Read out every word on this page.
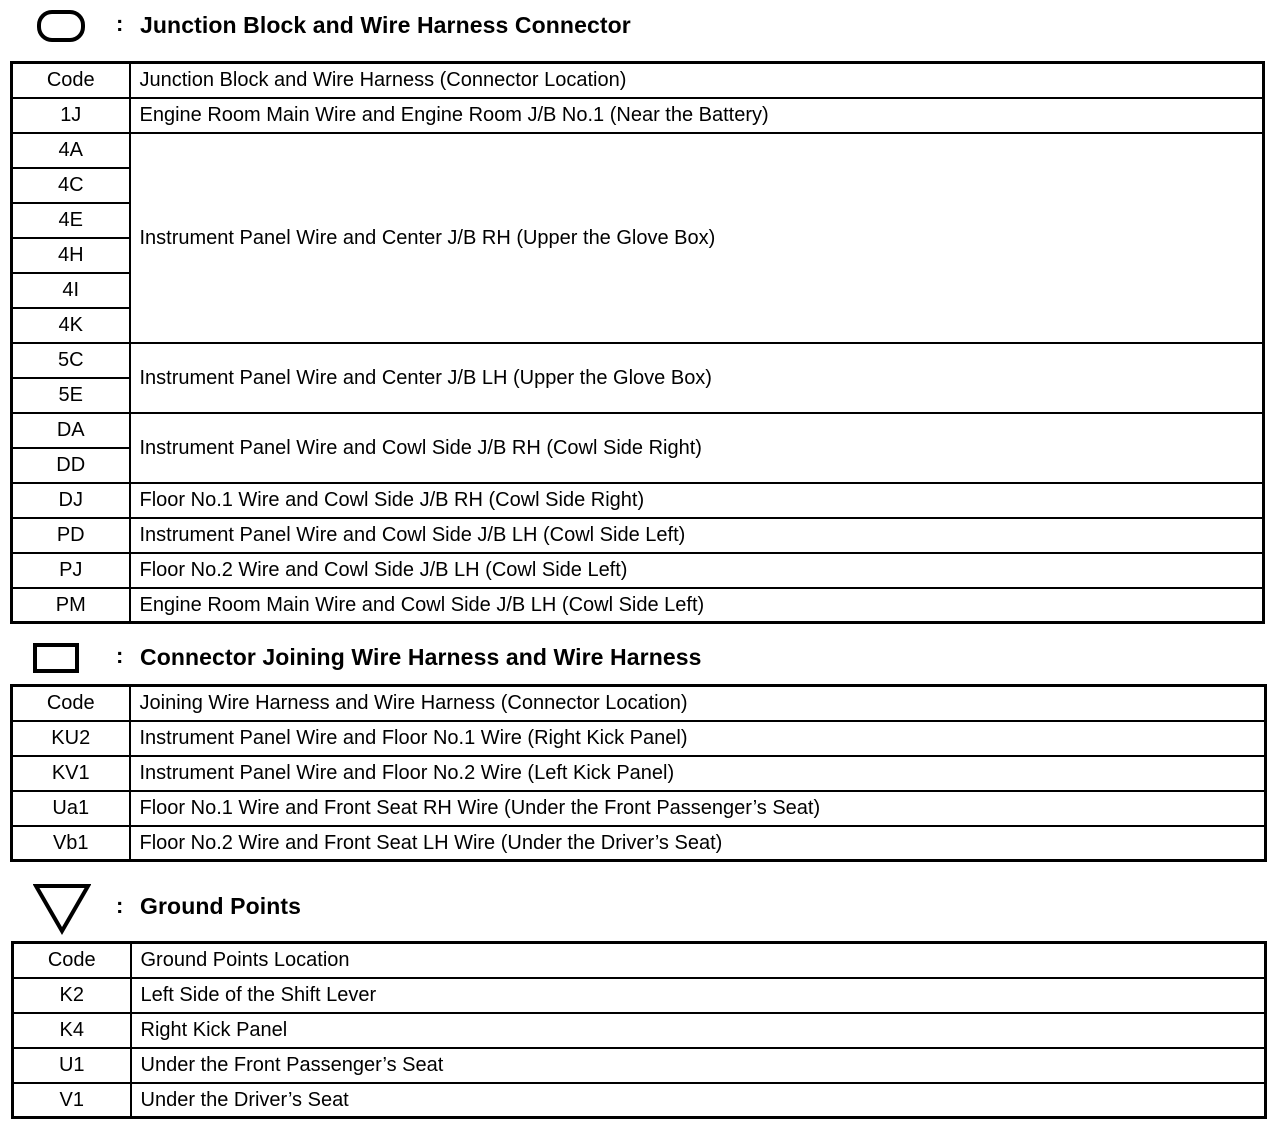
: Junction Block and Wire Harness Connector
Code	Junction Block and Wire Harness (Connector Location)
1J	Engine Room Main Wire and Engine Room J/B No.1 (Near the Battery)
4A	Instrument Panel Wire and Center J/B RH (Upper the Glove Box)
4C	
4E	
4H	
4I	
4K	
5C	Instrument Panel Wire and Center J/B LH (Upper the Glove Box)
5E	
DA	Instrument Panel Wire and Cowl Side J/B RH (Cowl Side Right)
DD	
DJ	Floor No.1 Wire and Cowl Side J/B RH (Cowl Side Right)
PD	Instrument Panel Wire and Cowl Side J/B LH (Cowl Side Left)
PJ	Floor No.2 Wire and Cowl Side J/B LH (Cowl Side Left)
PM	Engine Room Main Wire and Cowl Side J/B LH (Cowl Side Left)
: Connector Joining Wire Harness and Wire Harness
Code	Joining Wire Harness and Wire Harness (Connector Location)
KU2	Instrument Panel Wire and Floor No.1 Wire (Right Kick Panel)
KV1	Instrument Panel Wire and Floor No.2 Wire (Left Kick Panel)
Ua1	Floor No.1 Wire and Front Seat RH Wire (Under the Front Passenger’s Seat)
Vb1	Floor No.2 Wire and Front Seat LH Wire (Under the Driver’s Seat)
: Ground Points
Code	Ground Points Location
K2	Left Side of the Shift Lever
K4	Right Kick Panel
U1	Under the Front Passenger’s Seat
V1	Under the Driver’s Seat
